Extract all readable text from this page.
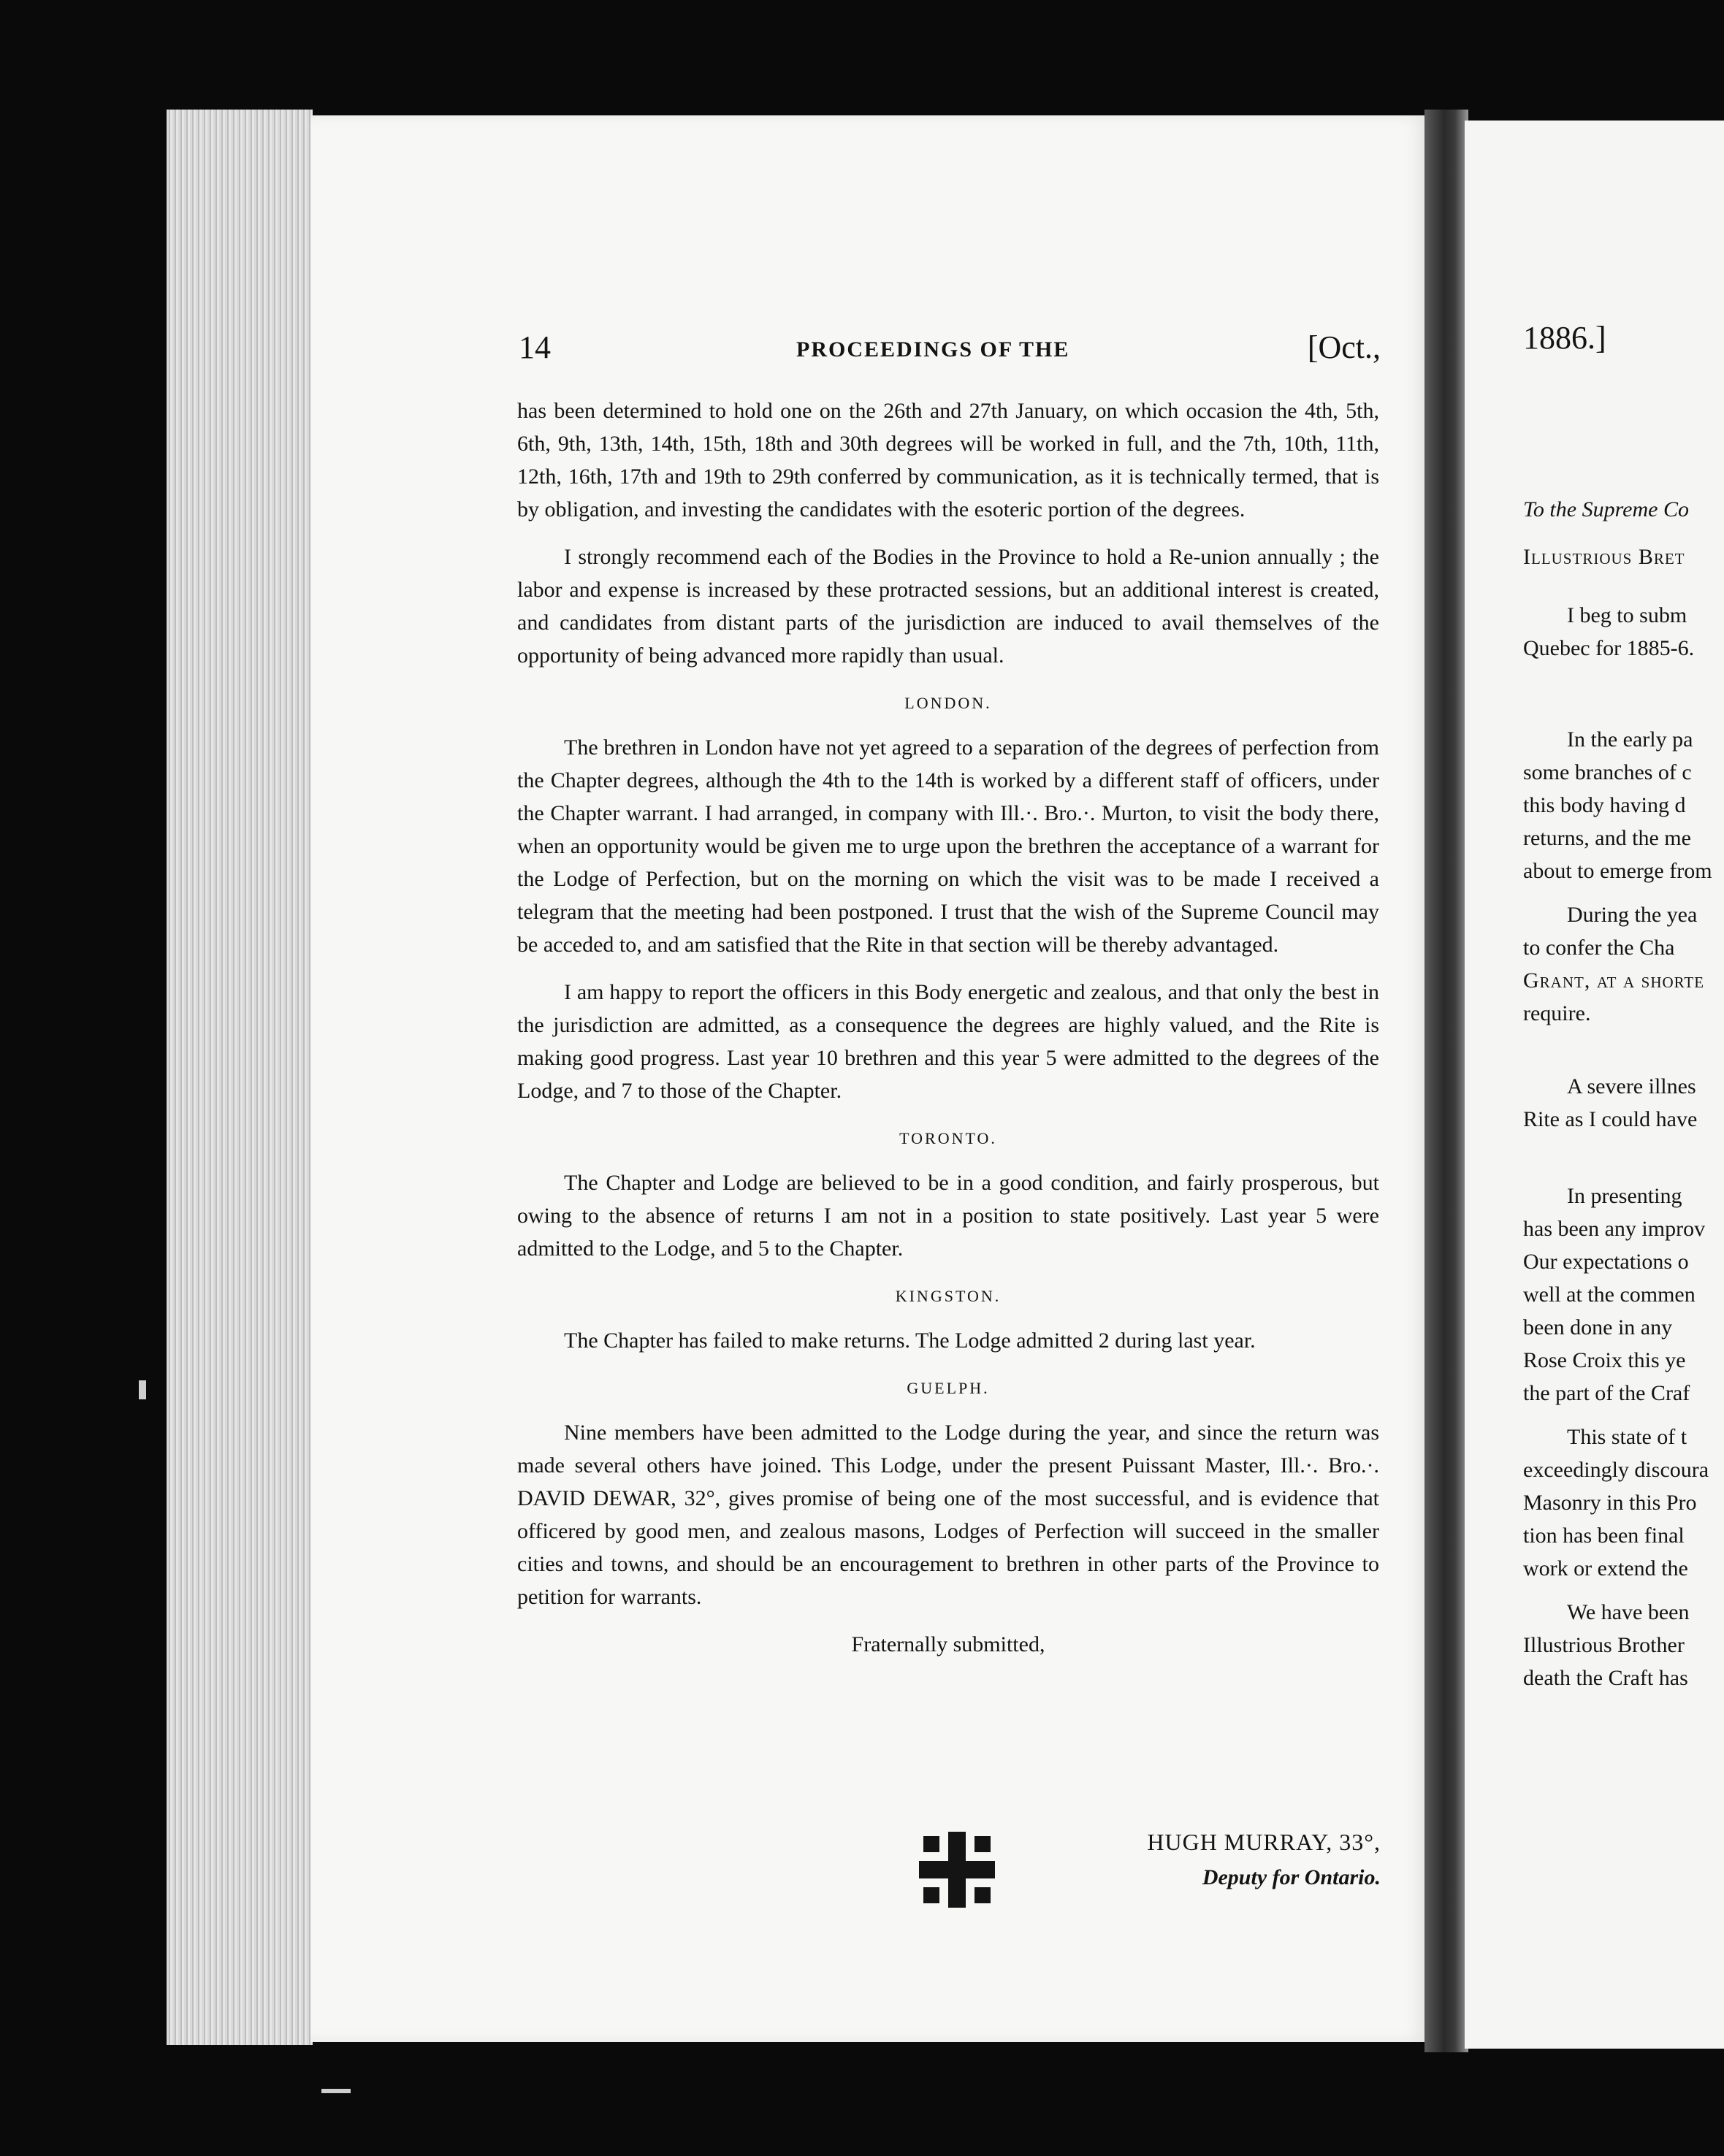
14	PROCEEDINGS OF THE	[Oct.,

has been determined to hold one on the 26th and 27th January, on which occasion the 4th, 5th, 6th, 9th, 13th, 14th, 15th, 18th and 30th degrees will be worked in full, and the 7th, 10th, 11th, 12th, 16th, 17th and 19th to 29th conferred by communication, as it is technically termed, that is by obligation, and investing the candidates with the esoteric portion of the degrees.

I strongly recommend each of the Bodies in the Province to hold a Re-union annually ; the labor and expense is increased by these protracted sessions, but an additional interest is created, and candidates from distant parts of the jurisdiction are induced to avail themselves of the opportunity of being advanced more rapidly than usual.

LONDON.

The brethren in London have not yet agreed to a separation of the degrees of perfection from the Chapter degrees, although the 4th to the 14th is worked by a different staff of officers, under the Chapter warrant. I had arranged, in company with Ill.·. Bro.·. Murton, to visit the body there, when an opportunity would be given me to urge upon the brethren the acceptance of a warrant for the Lodge of Perfection, but on the morning on which the visit was to be made I received a telegram that the meeting had been postponed. I trust that the wish of the Supreme Council may be acceded to, and am satisfied that the Rite in that section will be thereby advantaged.

I am happy to report the officers in this Body energetic and zealous, and that only the best in the jurisdiction are admitted, as a consequence the degrees are highly valued, and the Rite is making good progress. Last year 10 brethren and this year 5 were admitted to the degrees of the Lodge, and 7 to those of the Chapter.

TORONTO.

The Chapter and Lodge are believed to be in a good condition, and fairly prosperous, but owing to the absence of returns I am not in a position to state positively. Last year 5 were admitted to the Lodge, and 5 to the Chapter.

KINGSTON.

The Chapter has failed to make returns. The Lodge admitted 2 during last year.

GUELPH.

Nine members have been admitted to the Lodge during the year, and since the return was made several others have joined. This Lodge, under the present Puissant Master, Ill.·. Bro.·. DAVID DEWAR, 32°, gives promise of being one of the most successful, and is evidence that officered by good men, and zealous masons, Lodges of Perfection will succeed in the smaller cities and towns, and should be an encouragement to brethren in other parts of the Province to petition for warrants.

Fraternally submitted,

HUGH MURRAY, 33°,
Deputy for Ontario.
1886.]
To the Supreme Co
Illustrious Bret
I beg to subm
Quebec for 1885-6.
In the early pa
some branches of c
this body having d
returns, and the me
about to emerge from
During the yea
to confer the Cha
Grant, at a shorte
require.
A severe illnes
Rite as I could have
In presenting
has been any improv
Our expectations o
well at the commen
been done in any
Rose Croix this ye
the part of the Craf
This state of t
exceedingly discoura
Masonry in this Pro
tion has been final
work or extend the
We have been
Illustrious Brother
death the Craft has
